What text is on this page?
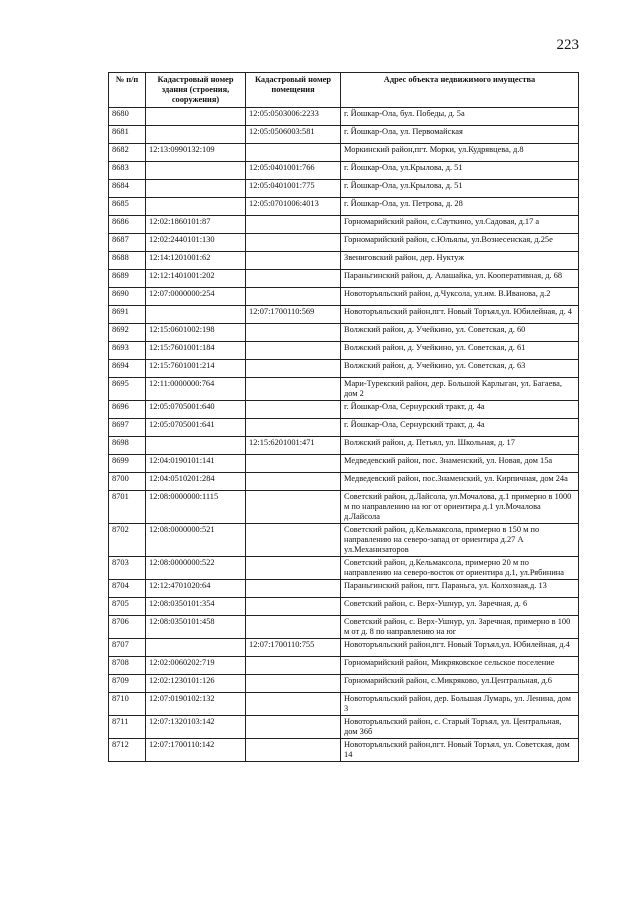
223
№ п/п	Кадастровый номер здания (строения, сооружения)	Кадастровый номер помещения	Адрес объекта недвижимого имущества
8680		12:05:0503006:2233	г. Йошкар-Ола, бул. Победы, д. 5а
8681		12:05:0506003:581	г. Йошкар-Ола, ул. Первомайская
8682	12:13:0990132:109		Моркинский район,пгт. Морки, ул.Кудрявцева, д.8
8683		12:05:0401001:766	г. Йошкар-Ола, ул.Крылова, д. 51
8684		12:05:0401001:775	г. Йошкар-Ола, ул.Крылова, д. 51
8685		12:05:0701006:4013	г. Йошкар-Ола, ул. Петрова, д. 28
8686	12:02:1860101:87		Горномарийский район, с.Сауткино, ул.Садовая, д.17 а
8687	12:02:2440101:130		Горномарийский район, с.Юльялы, ул.Вознесенская, д.25е
8688	12:14:1201001:62		Звениговский район, дер. Нуктуж
8689	12:12:1401001:202		Параньгинский район, д. Алашайка, ул. Кооперативная, д. 68
8690	12:07:0000000:254		Новоторъяльский район, д.Чуксола, ул.им. В.Иванова, д.2
8691		12:07:1700110:569	Новоторъяльский район,пгт. Новый Торъял,ул. Юбилейная, д. 4
8692	12:15:0601002:198		Волжский район, д. Учейкино, ул. Советская, д. 60
8693	12:15:7601001:184		Волжский район, д. Учейкино, ул. Советская, д. 61
8694	12:15:7601001:214		Волжский район, д. Учейкино, ул. Советская, д. 63
8695	12:11:0000000:764		Мари-Турекский район, дер. Большой Карлыган, ул. Багаева, дом 2
8696	12:05:0705001:640		г. Йошкар-Ола, Сернурский тракт, д. 4а
8697	12:05:0705001:641		г. Йошкар-Ола, Сернурский тракт, д. 4а
8698		12:15:6201001:471	Волжский район, д. Петьял, ул. Школьная, д. 17
8699	12:04:0190101:141		Медведевский район, пос. Знаменский, ул. Новая, дом 15а
8700	12:04:0510201:284		Медведевский район, пос.Знаменский, ул. Кирпичная, дом 24а
8701	12:08:0000000:1115		Советский район, д.Лайсола, ул.Мочалова, д.1 примерно в 1000 м по направлению на юг от ориентира д.1 ул.Мочалова д.Лайсола
8702	12:08:0000000:521		Советский район, д.Кельмаксола, примерно в 150 м по направлению на северо-запад от ориентира д.27 А ул.Механизаторов
8703	12:08:0000000:522		Советский район, д.Кельмаксола, примерно 20 м по направлению на северо-восток от ориентира д.1, ул.Рябинина
8704	12:12:4701020:64		Параньгинский район, пгт. Параньга, ул. Колхозная,д. 13
8705	12:08:0350101:354		Советский район, с. Верх-Ушнур, ул. Заречная, д. 6
8706	12:08:0350101:458		Советский район, с. Верх-Ушнур, ул. Заречная, примерно в 100 м от д. 8 по направлению на юг
8707		12:07:1700110:755	Новоторъяльский район,пгт. Новый Торъял,ул. Юбилейная, д.4
8708	12:02:0060202:719		Горномарийский район, Микряковское сельское поселение
8709	12:02:1230101:126		Горномарийский район, с.Микряково, ул.Центральная, д.6
8710	12:07:0190102:132		Новоторъяльский район, дер. Большая Лумарь, ул. Ленина, дом 3
8711	12:07:1320103:142		Новоторъяльский район, с. Старый Торъял, ул. Центральная, дом 36б
8712	12:07:1700110:142		Новоторъяльский район,пгт. Новый Торъял, ул. Советская, дом 14
